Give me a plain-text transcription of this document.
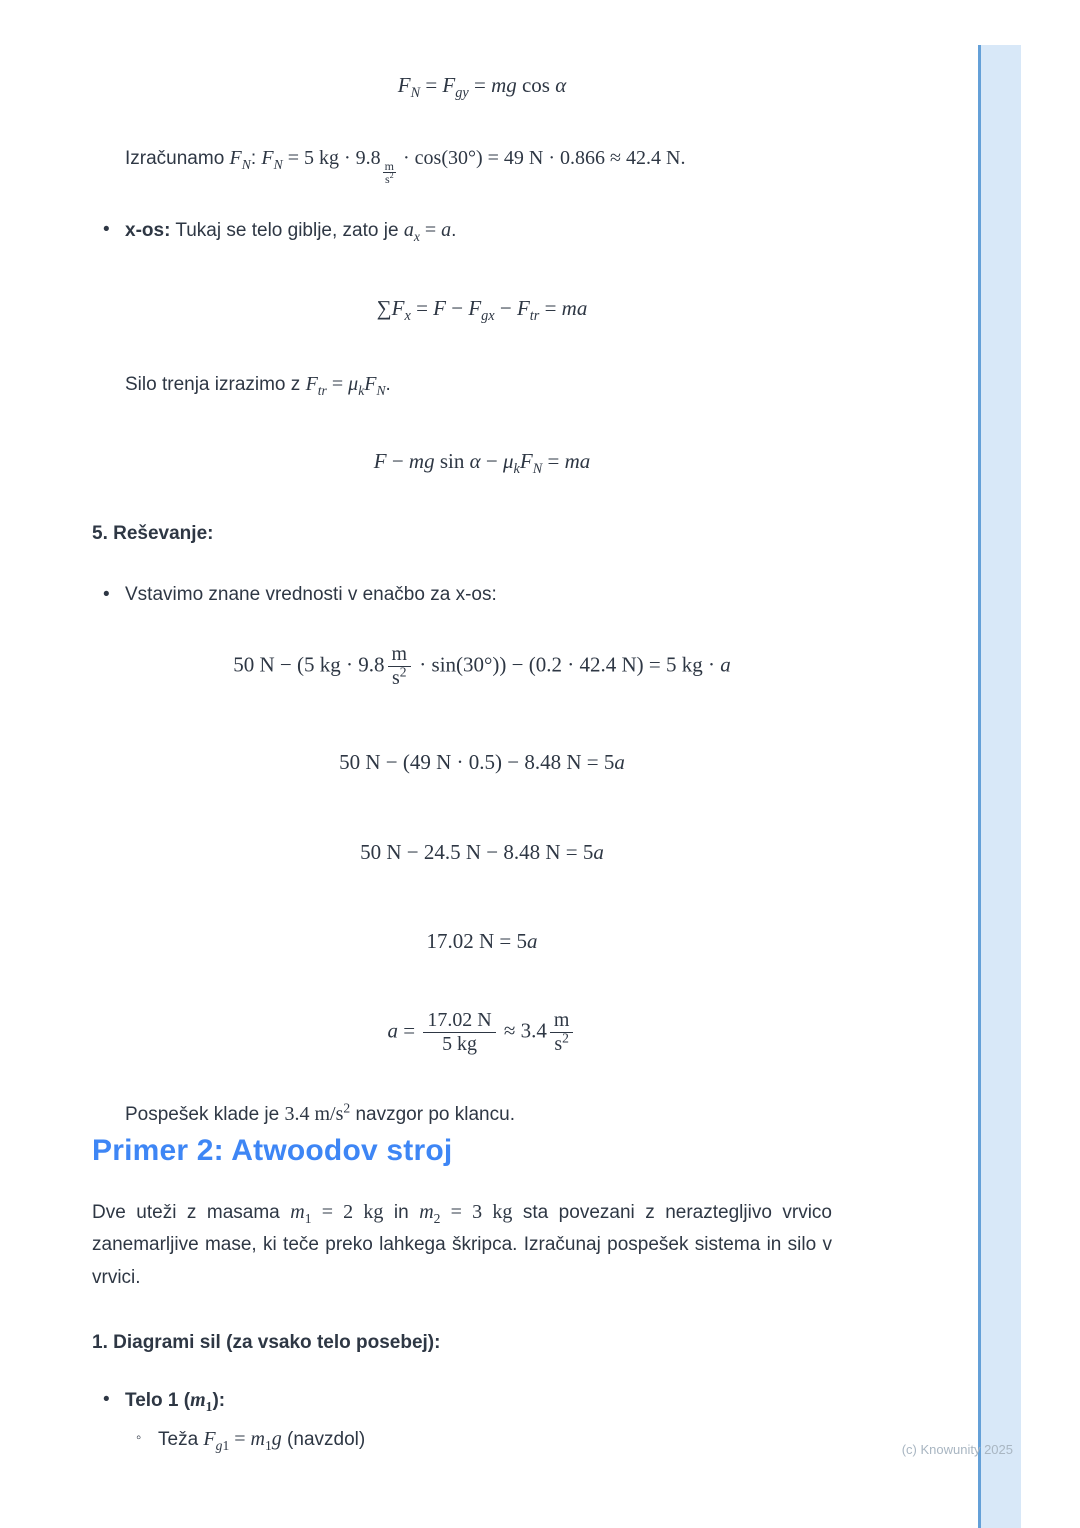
$F_N = F_{gy}$ = mg cos α

Izračunamo $F_N$: $F_N = 5$ kg · 9.8
$\frac{m}{s^2}$
· cos(30°) = 49 N · 0.866 ≈ 42.4 N.

• x-os: Tukaj se telo giblje, zato je $a_x = a$.
$\sum F_x = F - F_{gx} - F_{tr}$ = ma

Silo trenja izrazimo z $F_{tr} = \mu_kF_N$.

F − mg $\sin \alpha - \mu_kF_N$ = ma
5. Reševanje:
• Vstavimo znane vrednosti v enačbo za x-os:
50 N − (5 kg · $9.8 \frac{m}{s^2} \cdot \sin(30^\circ)) - (0.2 \cdot 42.4$ N) = 5 kg · a
50 N − (49 N · 0.5) − 8.48 N = 5a
50 N − 24.5 N − 8.48 N = 5a
17.02 N = 5a
$a = \frac{17.02 N}{5 kg} \approx 3.4 \frac{m}{s^2}$

Pospešek klade je 3.4 $m/s^2$ navzgor po klancu.

Primer 2: Atwoodov stroj

Dve uteži z masama $m_1 = 2$ kg in $m_2 = 3$ kg sta povezani z neraztegljivo vrvico zanemarljive mase, ki teče preko lahkega škripca. Izračunaj pospešek sistema in silo v vrvici.

1. Diagrami sil (za vsako telo posebej):
• Telo 1 $(m_1)$:
◦ Teža $F_{g1} = m_1g$ (navzdol)	(c) Knowunity 2025
